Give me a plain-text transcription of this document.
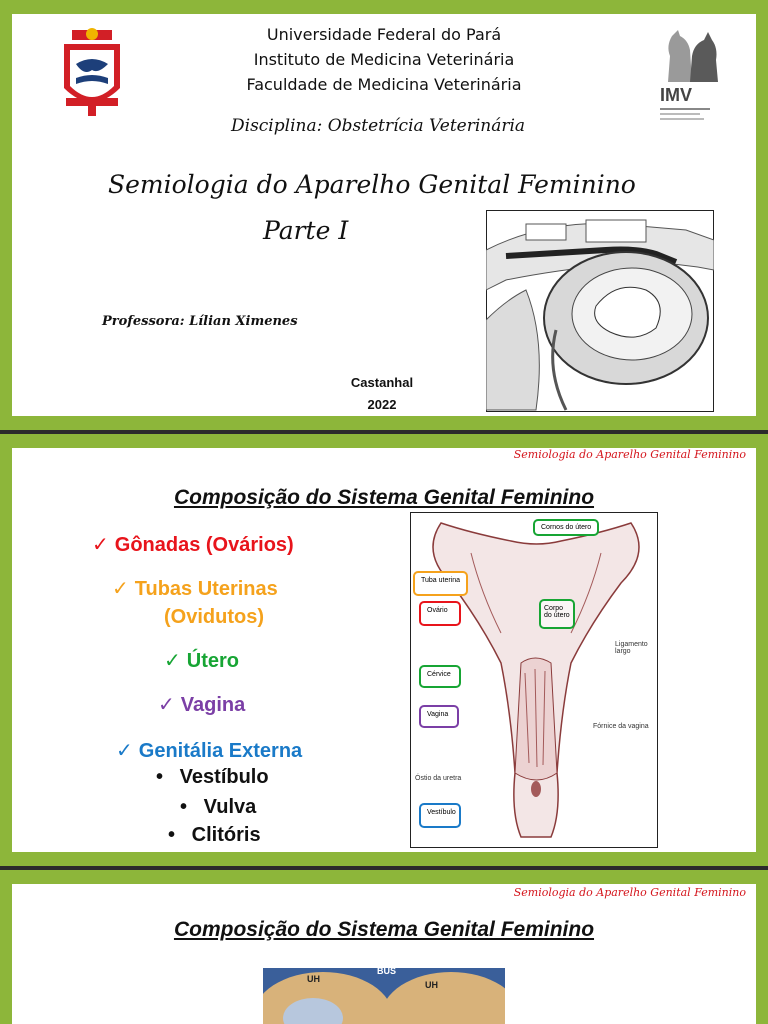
Universidade Federal do Pará
Instituto de Medicina Veterinária
Faculdade de Medicina Veterinária
IMV
Disciplina: Obstetrícia Veterinária
Semiologia do Aparelho Genital Feminino
Parte I
Professora: Lílian Ximenes
Castanhal
2022
Semiologia do Aparelho Genital Feminino
Composição do Sistema Genital Feminino
✓ Gônadas (Ovários)
✓ Tubas Uterinas
(Ovidutos)
✓ Útero
✓ Vagina
✓ Genitália Externa
•   Vestíbulo
•   Vulva
•   Clitóris
Cornos do útero
Tuba uterina
Ovário	Corpo do útero
Ligamento largo
Cérvice
Vagina
Fórnice da vagina
Óstio da uretra
Vestíbulo
Semiologia do Aparelho Genital Feminino
Composição do Sistema Genital Feminino
UH
BUS
UH
